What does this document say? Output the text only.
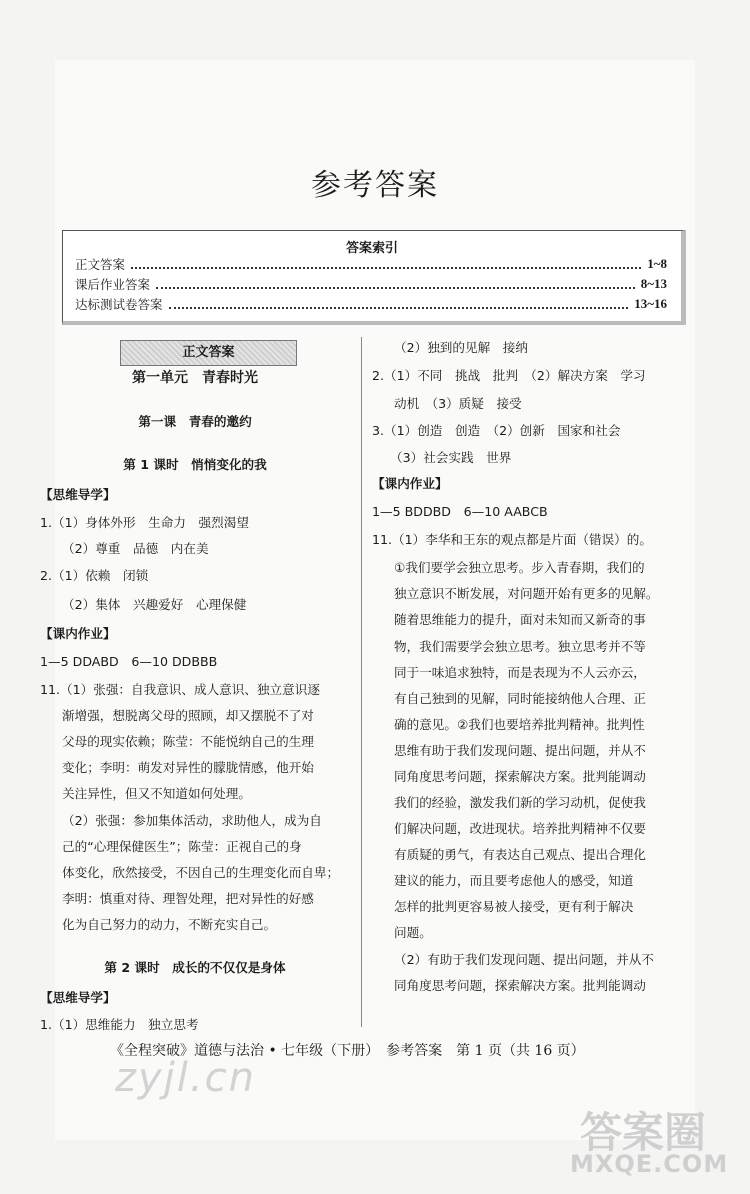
参考答案
答案索引
正文答案	1~8
课后作业答案	8~13
达标测试卷答案	13~16
正文答案
第一单元　青春时光
第一课　青春的邀约
第 1 课时　悄悄变化的我
【思维导学】
1.（1）身体外形　生命力　强烈渴望
（2）尊重　品德　内在美
2.（1）依赖　闭锁
（2）集体　兴趣爱好　心理保健
【课内作业】
1—5 DDABD　6—10 DDBBB
11.（1）张强：自我意识、成人意识、独立意识逐
渐增强，想脱离父母的照顾，却又摆脱不了对
父母的现实依赖；陈莹：不能悦纳自己的生理
变化；李明：萌发对异性的朦胧情感，他开始
关注异性，但又不知道如何处理。
（2）张强：参加集体活动，求助他人，成为自
己的“心理保健医生”；陈莹：正视自己的身
体变化，欣然接受，不因自己的生理变化而自卑；
李明：慎重对待、理智处理，把对异性的好感
化为自己努力的动力，不断充实自己。
第 2 课时　成长的不仅仅是身体
【思维导学】
1.（1）思维能力　独立思考
（2）独到的见解　接纳
2.（1）不同　挑战　批判　（2）解决方案　学习
动机　（3）质疑　接受
3.（1）创造　创造　（2）创新　国家和社会
（3）社会实践　世界
【课内作业】
1—5 BDDBD　6—10 AABCB
11.（1）李华和王东的观点都是片面（错误）的。
①我们要学会独立思考。步入青春期，我们的
独立意识不断发展，对问题开始有更多的见解。
随着思维能力的提升，面对未知而又新奇的事
物，我们需要学会独立思考。独立思考并不等
同于一味追求独特，而是表现为不人云亦云，
有自己独到的见解，同时能接纳他人合理、正
确的意见。②我们也要培养批判精神。批判性
思维有助于我们发现问题、提出问题，并从不
同角度思考问题，探索解决方案。批判能调动
我们的经验，激发我们新的学习动机，促使我
们解决问题，改进现状。培养批判精神不仅要
有质疑的勇气，有表达自己观点、提出合理化
建议的能力，而且要考虑他人的感受，知道
怎样的批判更容易被人接受，更有利于解决
问题。
（2）有助于我们发现问题、提出问题，并从不
同角度思考问题，探索解决方案。批判能调动
《全程突破》道德与法治 • 七年级（下册）　参考答案　第 1 页（共 16 页）
zyjl.cn
答案圈
MXQE.COM
